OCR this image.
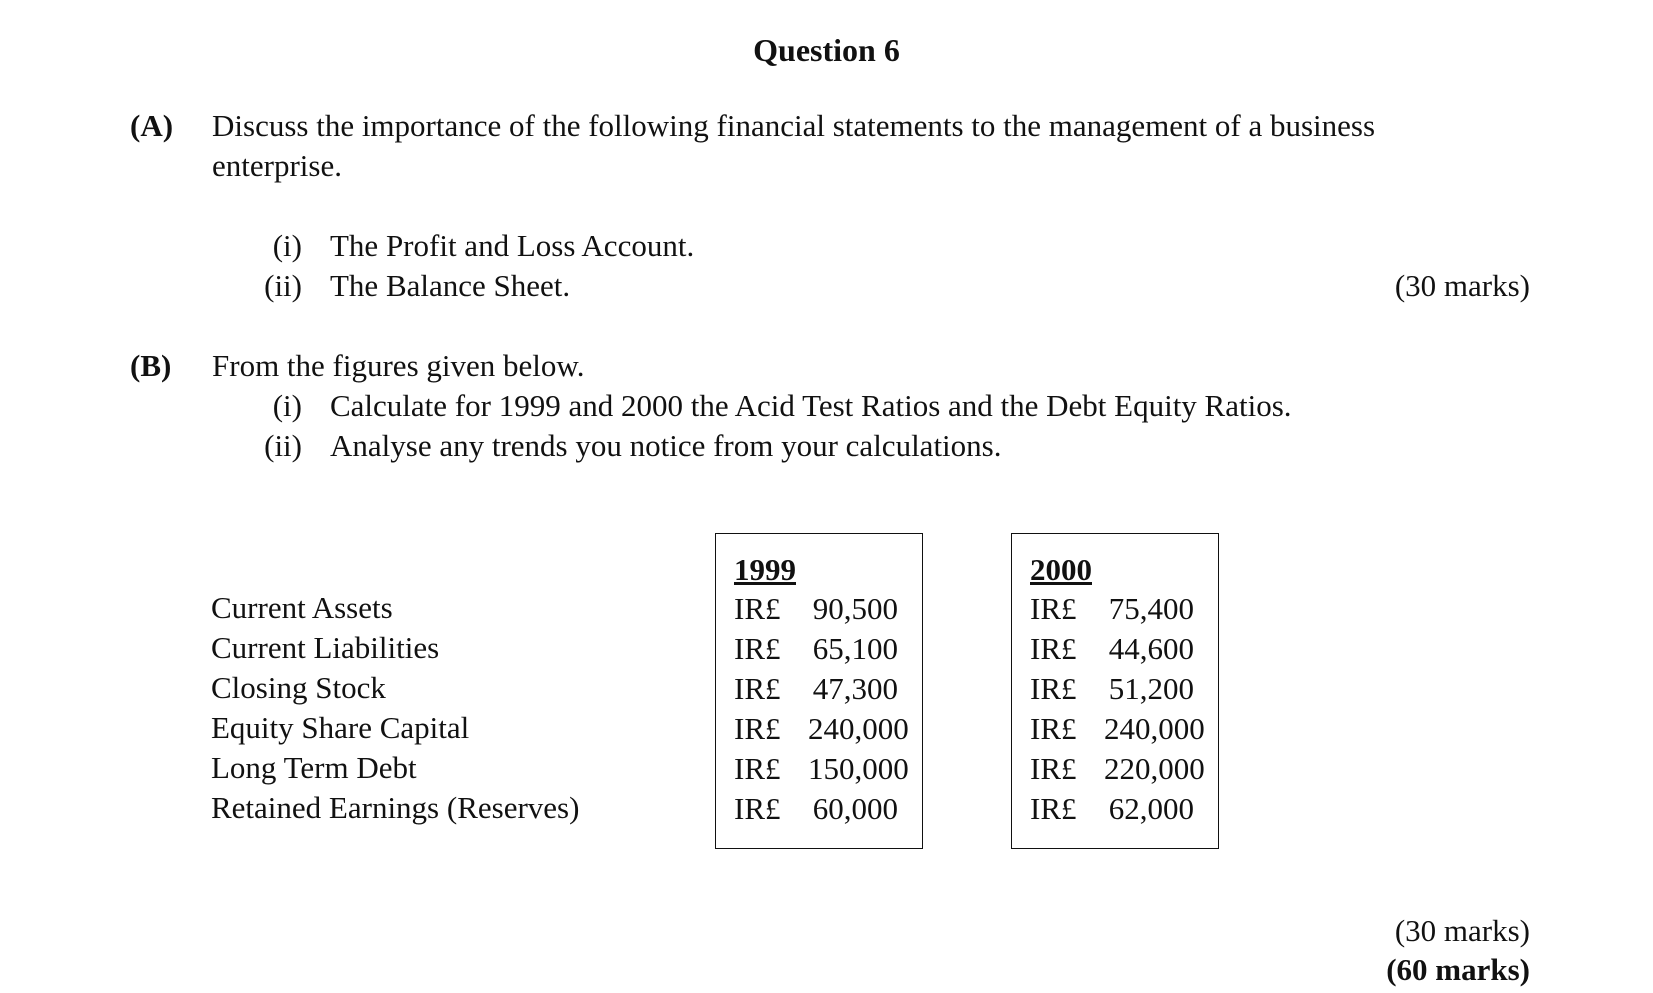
Question 6
(A) Discuss the importance of the following financial statements to the management of a business
enterprise.
(i) The Profit and Loss Account.
(ii) The Balance Sheet.	(30 marks)
(B) From the figures given below.
(i) Calculate for 1999 and 2000 the Acid Test Ratios and the Debt Equity Ratios.
(ii) Analyse any trends you notice from your calculations.
Current Assets
Current Liabilities
Closing Stock
Equity Share Capital
Long Term Debt
Retained Earnings (Reserves)
1999
IR£ 90,500
IR£ 65,100
IR£ 47,300
IR£ 240,000
IR£ 150,000
IR£ 60,000
2000
IR£ 75,400
IR£ 44,600
IR£ 51,200
IR£ 240,000
IR£ 220,000
IR£ 62,000
(30 marks)
(60 marks)
